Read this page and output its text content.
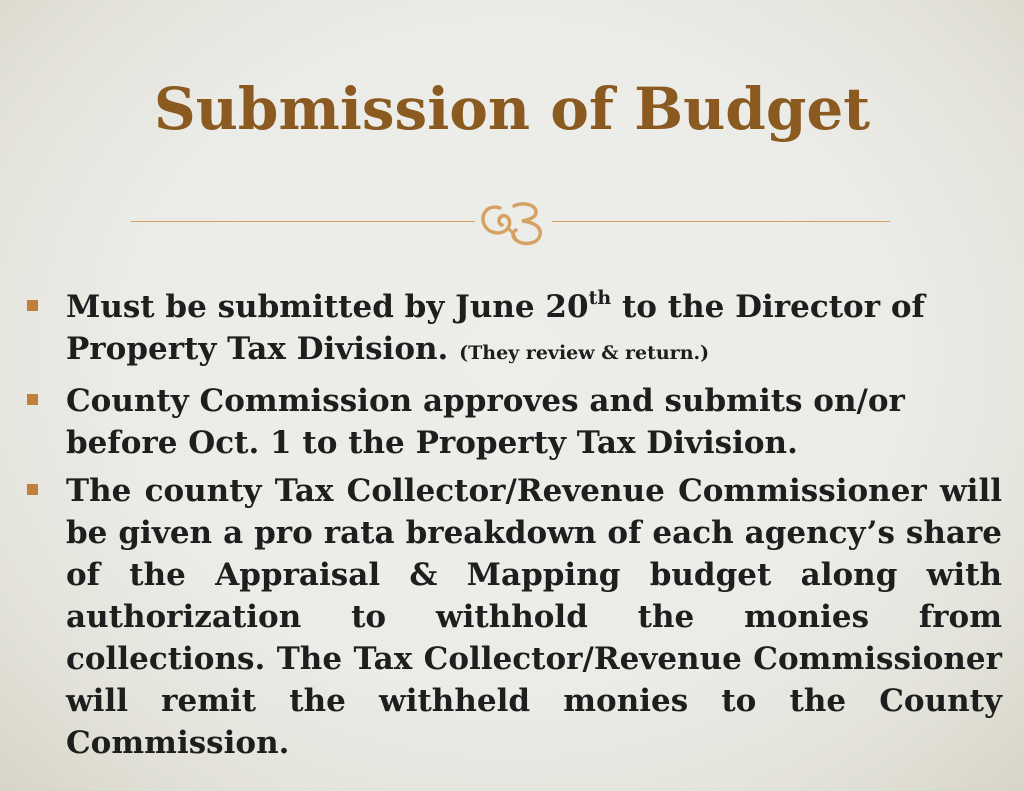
Submission of Budget
Must be submitted by June 20th to the Director of Property Tax Division. (They review & return.)
County Commission approves and submits on/or before Oct. 1 to the Property Tax Division.
The county Tax Collector/Revenue Commissioner will be given a pro rata breakdown of each agency’s share of the Appraisal & Mapping budget along with authorization to withhold the monies from collections. The Tax Collector/Revenue Commissioner will remit the withheld monies to the County Commission.
